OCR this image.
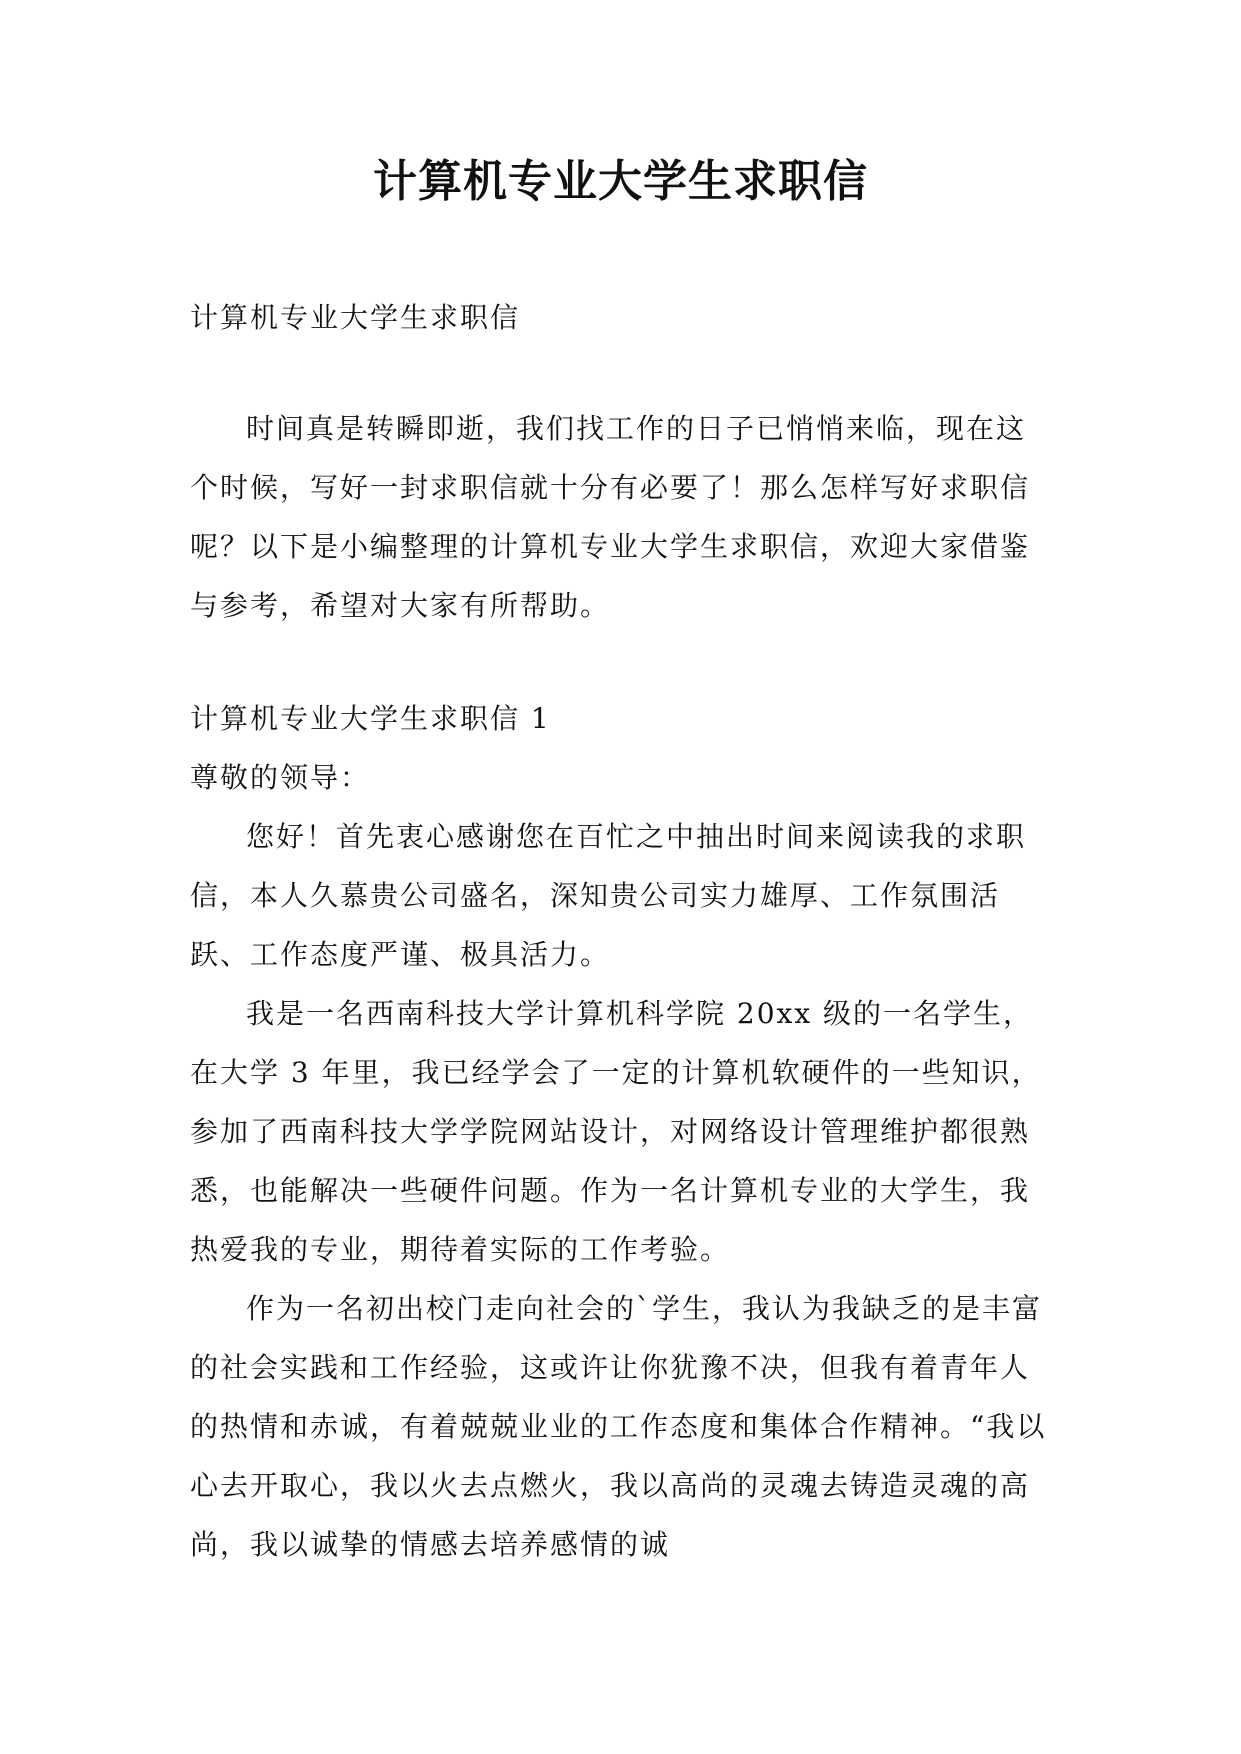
计算机专业大学生求职信

计算机专业大学生求职信

时间真是转瞬即逝，我们找工作的日子已悄悄来临，现在这个时候，写好一封求职信就十分有必要了！那么怎样写好求职信呢？以下是小编整理的计算机专业大学生求职信，欢迎大家借鉴与参考，希望对大家有所帮助。

计算机专业大学生求职信 1

尊敬的领导：

您好！首先衷心感谢您在百忙之中抽出时间来阅读我的求职信，本人久慕贵公司盛名，深知贵公司实力雄厚、工作氛围活跃、工作态度严谨、极具活力。

我是一名西南科技大学计算机科学院 20xx 级的一名学生，在大学 3 年里，我已经学会了一定的计算机软硬件的一些知识，参加了西南科技大学学院网站设计，对网络设计管理维护都很熟悉，也能解决一些硬件问题。作为一名计算机专业的大学生，我热爱我的专业，期待着实际的工作考验。

作为一名初出校门走向社会的`学生，我认为我缺乏的是丰富的社会实践和工作经验，这或许让你犹豫不决，但我有着青年人的热情和赤诚，有着兢兢业业的工作态度和集体合作精神。“我以心去开取心，我以火去点燃火，我以高尚的灵魂去铸造灵魂的高尚，我以诚挚的情感去培养感情的诚
